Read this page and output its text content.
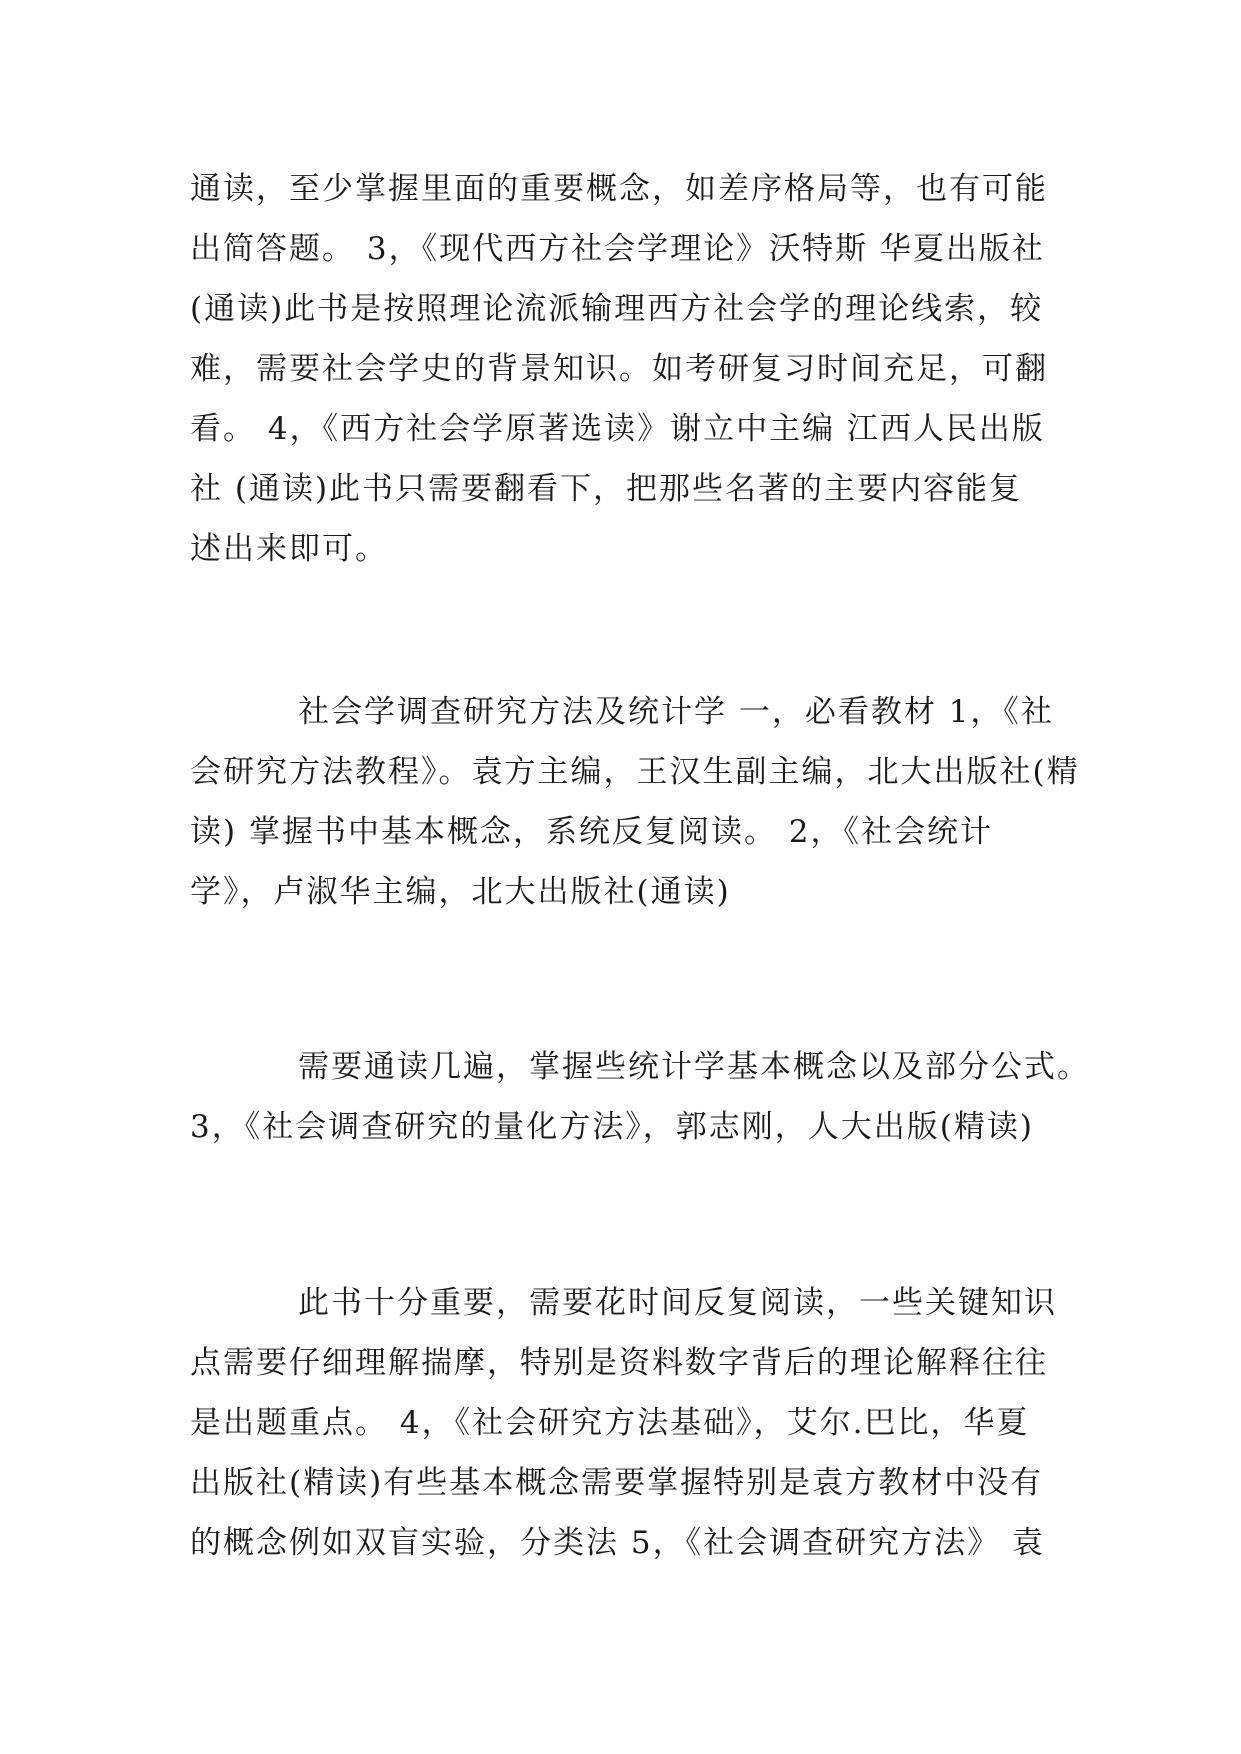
通读，至少掌握里面的重要概念，如差序格局等，也有可能
出简答题。 3，《现代西方社会学理论》沃特斯 华夏出版社
(通读)此书是按照理论流派输理西方社会学的理论线索，较
难，需要社会学史的背景知识。如考研复习时间充足，可翻
看。 4，《西方社会学原著选读》谢立中主编 江西人民出版
社 (通读)此书只需要翻看下，把那些名著的主要内容能复
述出来即可。
社会学调查研究方法及统计学 一，必看教材 1，《社
会研究方法教程》。袁方主编，王汉生副主编，北大出版社(精
读) 掌握书中基本概念，系统反复阅读。 2，《社会统计
学》，卢淑华主编，北大出版社(通读)
需要通读几遍，掌握些统计学基本概念以及部分公式。
3，《社会调查研究的量化方法》，郭志刚，人大出版(精读)
此书十分重要，需要花时间反复阅读，一些关键知识
点需要仔细理解揣摩，特别是资料数字背后的理论解释往往
是出题重点。 4，《社会研究方法基础》，艾尔.巴比，华夏
出版社(精读)有些基本概念需要掌握特别是袁方教材中没有
的概念例如双盲实验，分类法 5，《社会调查研究方法》 袁
